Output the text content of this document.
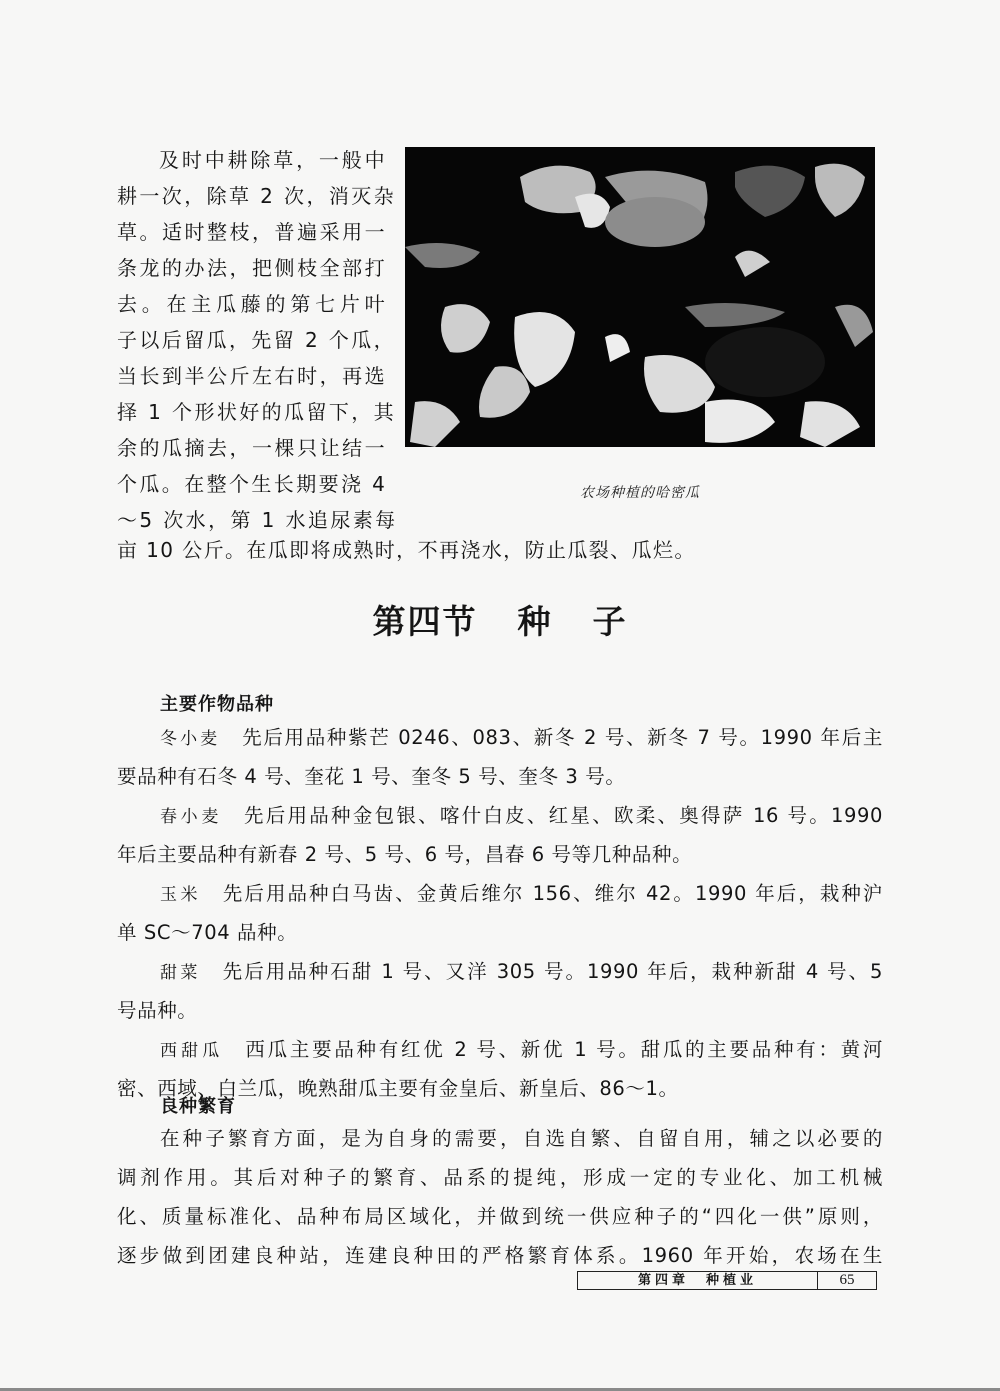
及时中耕除草，一般中
耕一次，除草 2 次，消灭杂
草。适时整枝，普遍采用一
条龙的办法，把侧枝全部打
去。在主瓜藤的第七片叶
子以后留瓜，先留 2 个瓜，
当长到半公斤左右时，再选
择 1 个形状好的瓜留下，其
余的瓜摘去，一棵只让结一
个瓜。在整个生长期要浇 4
～5 次水，第 1 水追尿素每
亩 10 公斤。在瓜即将成熟时，不再浇水，防止瓜裂、瓜烂。
农场种植的哈密瓜
第四节 种 子
主要作物品种
冬小麦 先后用品种紫芒 0246、083、新冬 2 号、新冬 7 号。1990 年后主
要品种有石冬 4 号、奎花 1 号、奎冬 5 号、奎冬 3 号。
春小麦 先后用品种金包银、喀什白皮、红星、欧柔、奥得萨 16 号。1990
年后主要品种有新春 2 号、5 号、6 号，昌春 6 号等几种品种。
玉米 先后用品种白马齿、金黄后维尔 156、维尔 42。1990 年后，栽种沪
单 SC～704 品种。
甜菜 先后用品种石甜 1 号、又洋 305 号。1990 年后，栽种新甜 4 号、5
号品种。
西甜瓜 西瓜主要品种有红优 2 号、新优 1 号。甜瓜的主要品种有：黄河
密、西域、白兰瓜，晚熟甜瓜主要有金皇后、新皇后、86～1。
良种繁育
在种子繁育方面，是为自身的需要，自选自繁、自留自用，辅之以必要的
调剂作用。其后对种子的繁育、品系的提纯，形成一定的专业化、加工机械
化、质量标准化、品种布局区域化，并做到统一供应种子的“四化一供”原则，
逐步做到团建良种站，连建良种田的严格繁育体系。1960 年开始，农场在生
第四章　种植业	65
